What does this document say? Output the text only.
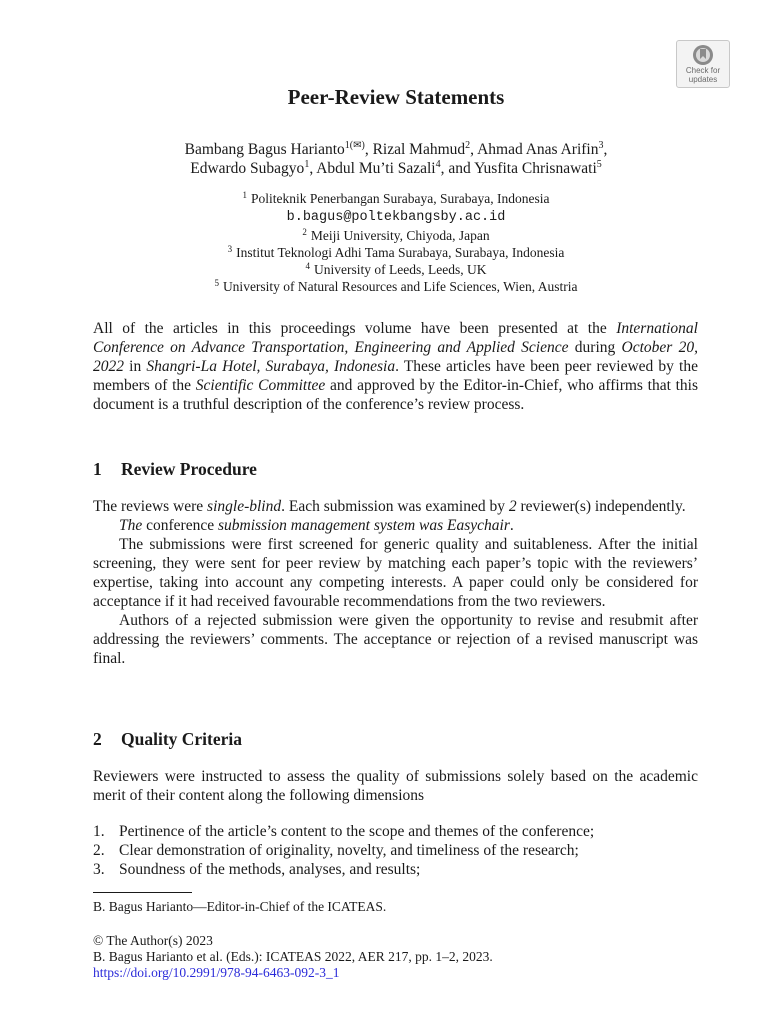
Check for
updates
Peer-Review Statements
Bambang Bagus Harianto$^{1(✉)}$, Rizal Mahmud$^2$, Ahmad Anas Arifin$^3$,
Edwardo Subagyo$^1$, Abdul Mu’ti Sazali$^4$, and Yusfita Chrisnawati$^5$
$^1$ Politeknik Penerbangan Surabaya, Surabaya, Indonesia
b.bagus@poltekbangsby.ac.id
$^2$ Meiji University, Chiyoda, Japan
$^3$ Institut Teknologi Adhi Tama Surabaya, Surabaya, Indonesia
$^4$ University of Leeds, Leeds, UK
$^5$ University of Natural Resources and Life Sciences, Wien, Austria

All of the articles in this proceedings volume have been presented at the International Conference on Advance Transportation, Engineering and Applied Science during October 20, 2022 in Shangri-La Hotel, Surabaya, Indonesia. These articles have been peer reviewed by the members of the Scientific Committee and approved by the Editor-in-Chief, who affirms that this document is a truthful description of the conference’s review process.

1 Review Procedure

The reviews were single-blind. Each submission was examined by 2 reviewer(s) independently.

The conference submission management system was Easychair.

The submissions were first screened for generic quality and suitableness. After the initial screening, they were sent for peer review by matching each paper’s topic with the reviewers’ expertise, taking into account any competing interests. A paper could only be considered for acceptance if it had received favourable recommendations from the two reviewers.

Authors of a rejected submission were given the opportunity to revise and resubmit after addressing the reviewers’ comments. The acceptance or rejection of a revised manuscript was final.

2 Quality Criteria

Reviewers were instructed to assess the quality of submissions solely based on the academic merit of their content along the following dimensions

1. Pertinence of the article’s content to the scope and themes of the conference;
2. Clear demonstration of originality, novelty, and timeliness of the research;
3. Soundness of the methods, analyses, and results;
B. Bagus Harianto—Editor-in-Chief of the ICATEAS.
© The Author(s) 2023
B. Bagus Harianto et al. (Eds.): ICATEAS 2022, AER 217, pp. 1–2, 2023.
https://doi.org/10.2991/978-94-6463-092-3_1
